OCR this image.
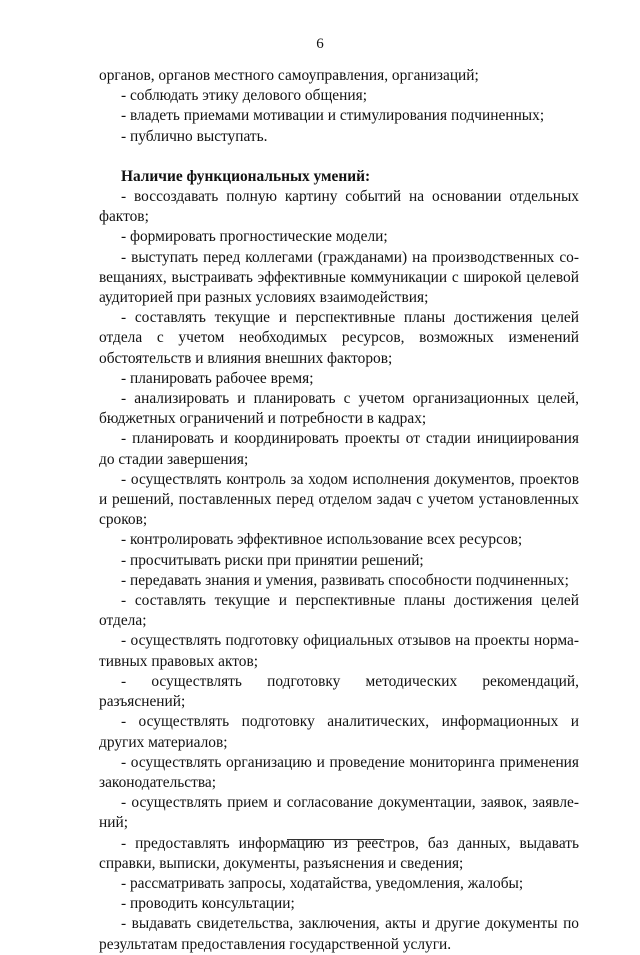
6

органов, органов местного самоуправления, организаций;

- соблюдать этику делового общения;

- владеть приемами мотивации и стимулирования подчиненных;

- публично выступать.

Наличие функциональных умений:

- воссоздавать полную картину событий на основании отдельных фактов;

- формировать прогностические модели;

- выступать перед коллегами (гражданами) на производственных совещаниях, выстраивать эффективные коммуникации с широкой целевой аудиторией при разных условиях взаимодействия;

- составлять текущие и перспективные планы достижения целей отдела с учетом необходимых ресурсов, возможных изменений обстоятельств и влияния внешних факторов;

- планировать рабочее время;

- анализировать и планировать с учетом организационных целей, бюджетных ограничений и потребности в кадрах;

- планировать и координировать проекты от стадии инициирования до стадии завершения;

- осуществлять контроль за ходом исполнения документов, проектов и решений, поставленных перед отделом задач с учетом установленных сроков;

- контролировать эффективное использование всех ресурсов;

- просчитывать риски при принятии решений;

- передавать знания и умения, развивать способности подчиненных;

- составлять текущие и перспективные планы достижения целей отдела;

- осуществлять подготовку официальных отзывов на проекты нормативных правовых актов;

- осуществлять подготовку методических рекомендаций, разъяснений;

- осуществлять подготовку аналитических, информационных и других материалов;

- осуществлять организацию и проведение мониторинга применения законодательства;

- осуществлять прием и согласование документации, заявок, заявлений;

- предоставлять информацию из реестров, баз данных, выдавать справки, выписки, документы, разъяснения и сведения;

- рассматривать запросы, ходатайства, уведомления, жалобы;

- проводить консультации;

- выдавать свидетельства, заключения, акты и другие документы по результатам предоставления государственной услуги.
